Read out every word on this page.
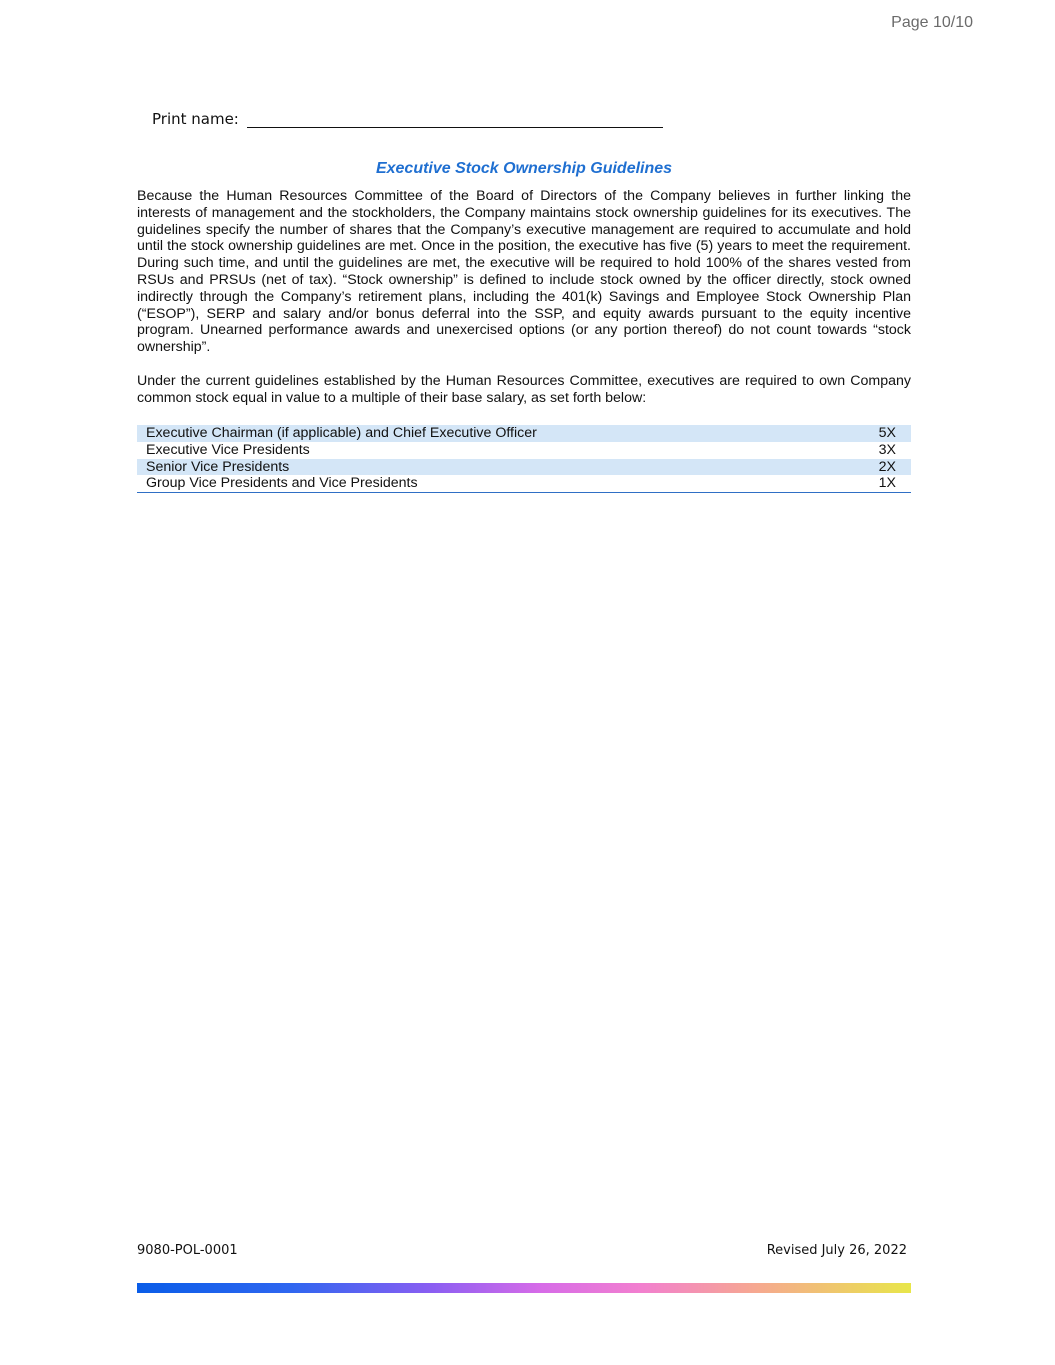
Page 10/10
Print name:
Executive Stock Ownership Guidelines

Because the Human Resources Committee of the Board of Directors of the Company believes in further linking the interests of management and the stockholders, the Company maintains stock ownership guidelines for its executives. The guidelines specify the number of shares that the Company’s executive management are required to accumulate and hold until the stock ownership guidelines are met. Once in the position, the executive has five (5) years to meet the requirement. During such time, and until the guidelines are met, the executive will be required to hold 100% of the shares vested from RSUs and PRSUs (net of tax). “Stock ownership” is defined to include stock owned by the officer directly, stock owned indirectly through the Company’s retirement plans, including the 401(k) Savings and Employee Stock Ownership Plan (“ESOP”), SERP and salary and/or bonus deferral into the SSP, and equity awards pursuant to the equity incentive program. Unearned performance awards and unexercised options (or any portion thereof) do not count towards “stock ownership”.

Under the current guidelines established by the Human Resources Committee, executives are required to own Company common stock equal in value to a multiple of their base salary, as set forth below:

Executive Chairman (if applicable) and Chief Executive Officer	5X
Executive Vice Presidents	3X
Senior Vice Presidents	2X
Group Vice Presidents and Vice Presidents	1X
9080-POL-0001	Revised July 26, 2022
